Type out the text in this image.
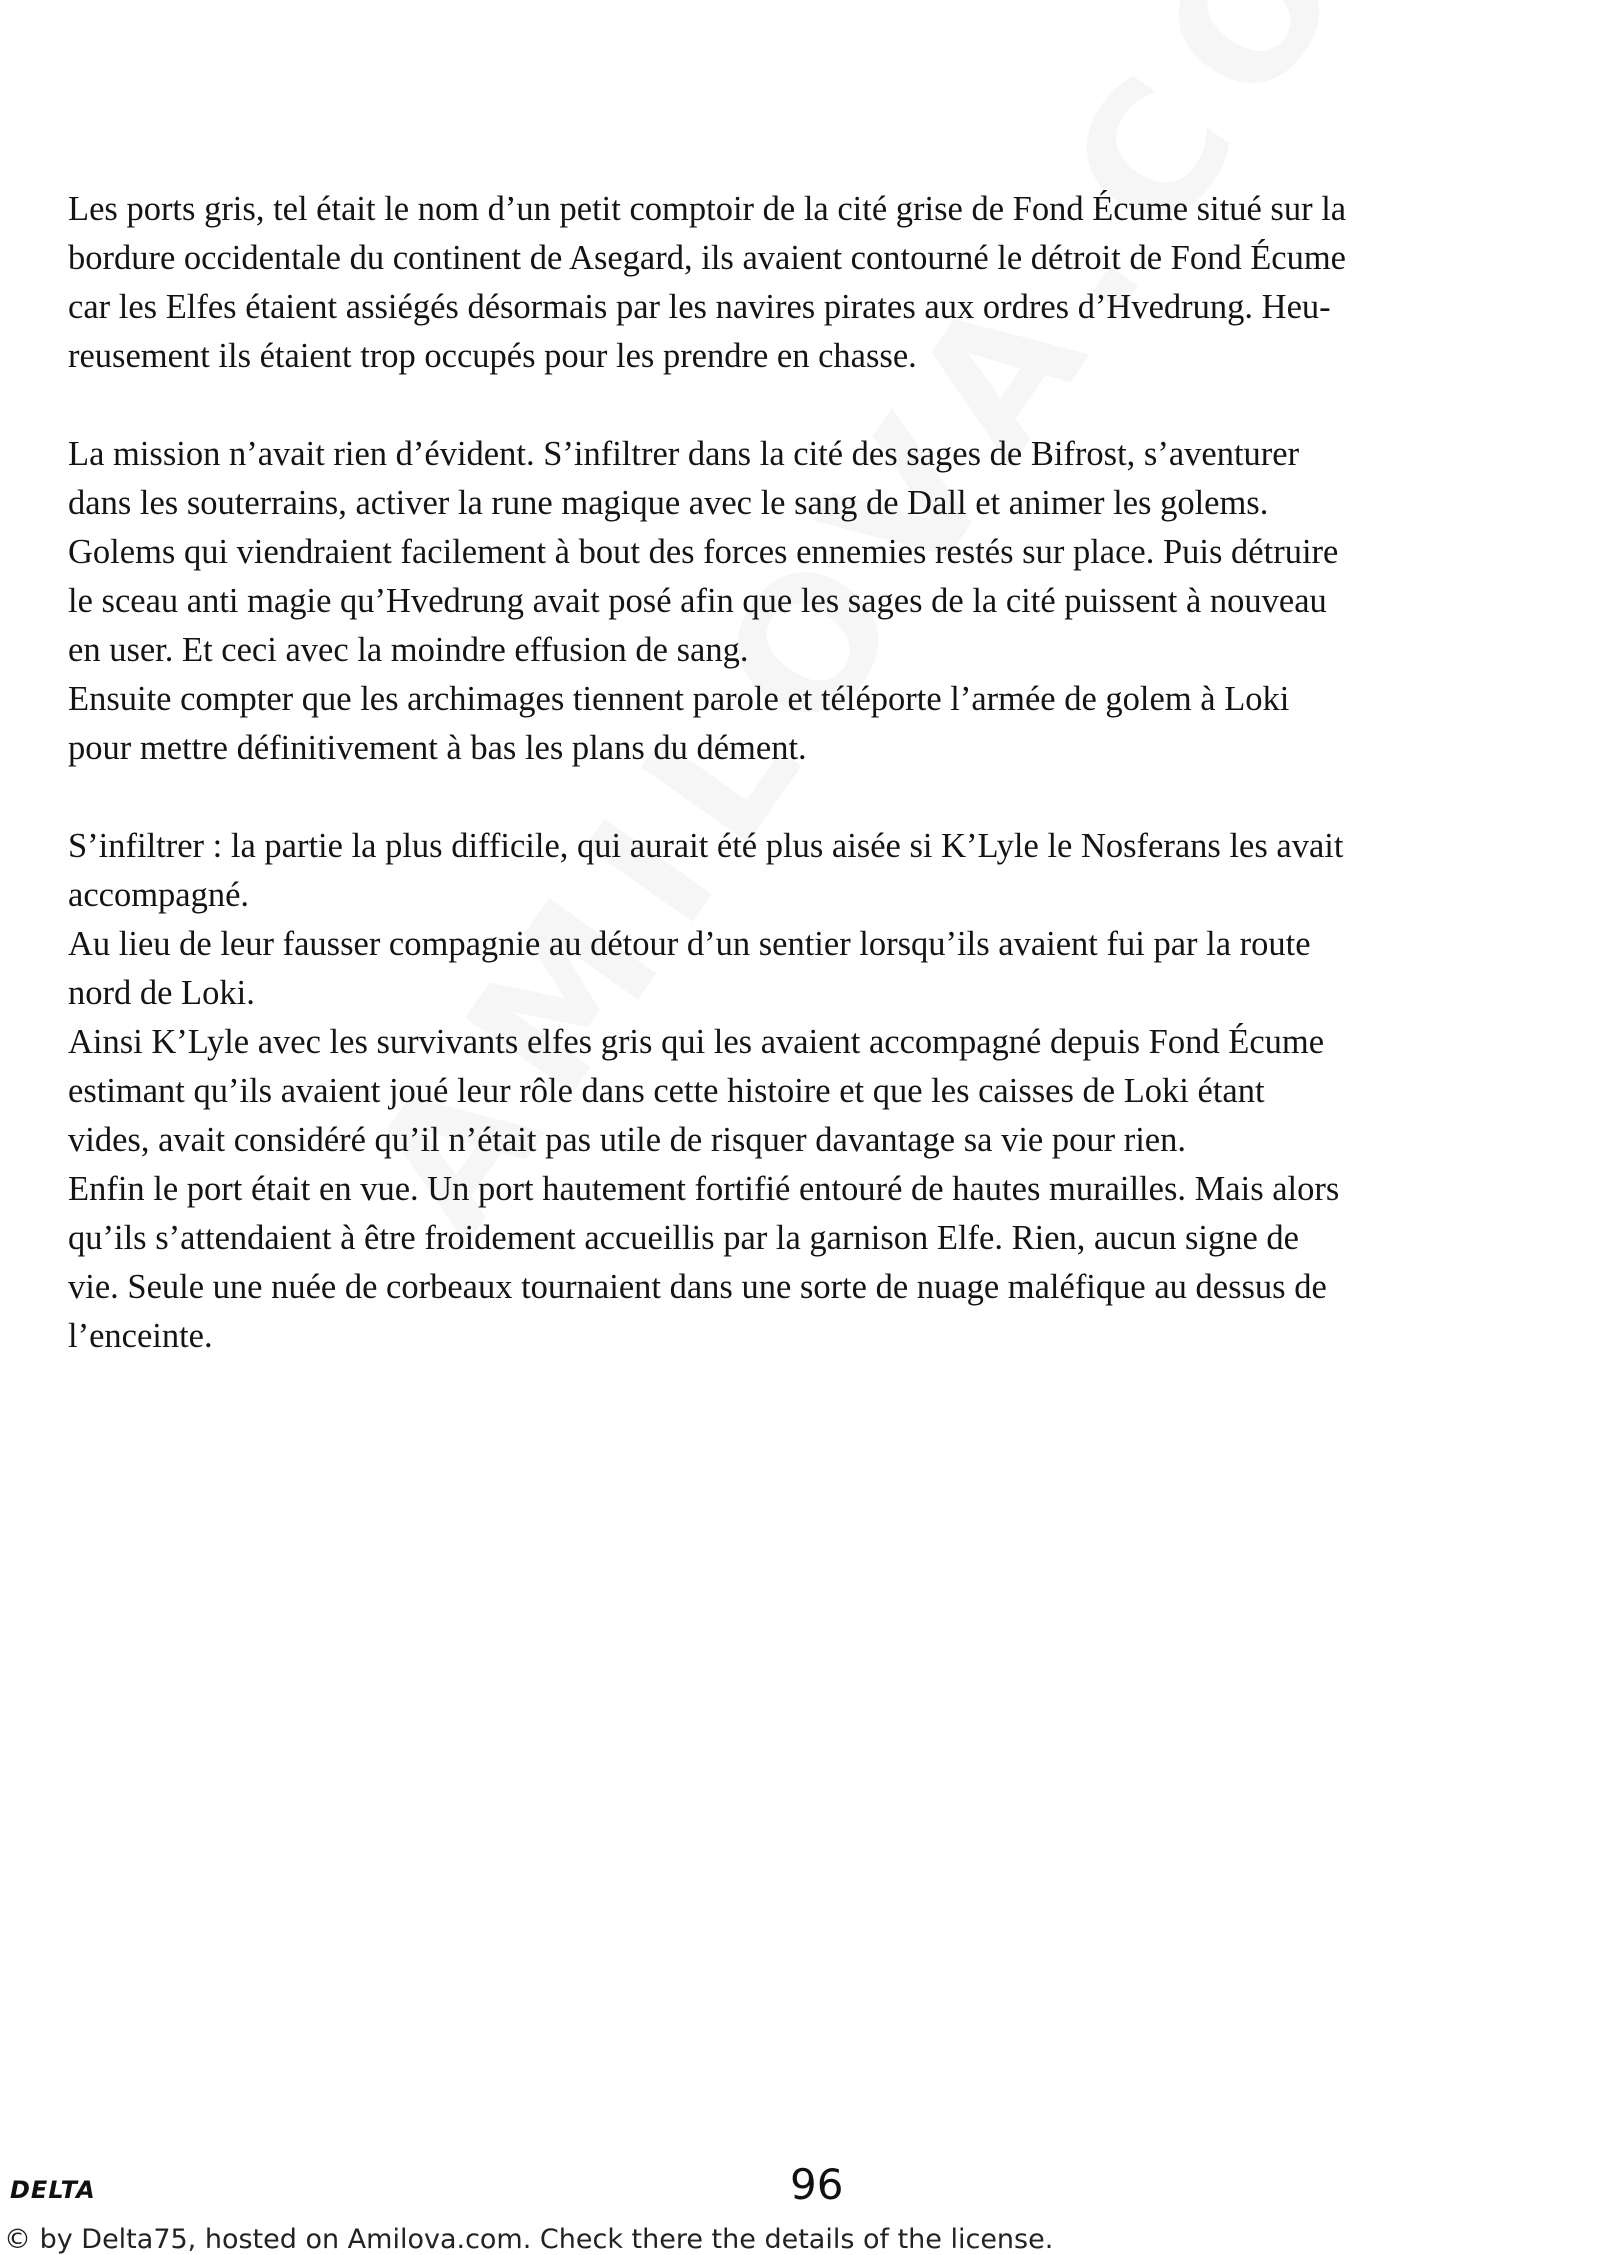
Les ports gris, tel était le nom d’un petit comptoir de la cité grise de Fond Écume situé sur la

bordure occidentale du continent de Asegard, ils avaient contourné le détroit de Fond Écume

car les Elfes étaient assiégés désormais par les navires pirates aux ordres d’Hvedrung. Heu-

reusement ils étaient trop occupés pour les prendre en chasse.

La mission n’avait rien d’évident. S’infiltrer dans la cité des sages de Bifrost, s’aventurer

dans les souterrains, activer la rune magique avec le sang de Dall et animer les golems.

Golems qui viendraient facilement à bout des forces ennemies restés sur place. Puis détruire

le sceau anti magie qu’Hvedrung avait posé afin que les sages de la cité puissent à nouveau

en user. Et ceci avec la moindre effusion de sang.

Ensuite compter que les archimages tiennent parole et téléporte l’armée de golem à Loki

pour mettre définitivement à bas les plans du dément.

S’infiltrer : la partie la plus difficile, qui aurait été plus aisée si K’Lyle le Nosferans les avait

accompagné.

Au lieu de leur fausser compagnie au détour d’un sentier lorsqu’ils avaient fui par la route

nord de Loki.

Ainsi K’Lyle avec les survivants elfes gris qui les avaient accompagné depuis Fond Écume

estimant qu’ils avaient joué leur rôle dans cette histoire et que les caisses de Loki étant

vides, avait considéré qu’il n’était pas utile de risquer davantage sa vie pour rien.

Enfin le port était en vue. Un port hautement fortifié entouré de hautes murailles. Mais alors

qu’ils s’attendaient à être froidement accueillis par la garnison Elfe. Rien, aucun signe de

vie. Seule une nuée de corbeaux tournaient dans une sorte de nuage maléfique au dessus de

l’enceinte.

DELTA	96
© by Delta75, hosted on Amilova.com. Check there the details of the license.
